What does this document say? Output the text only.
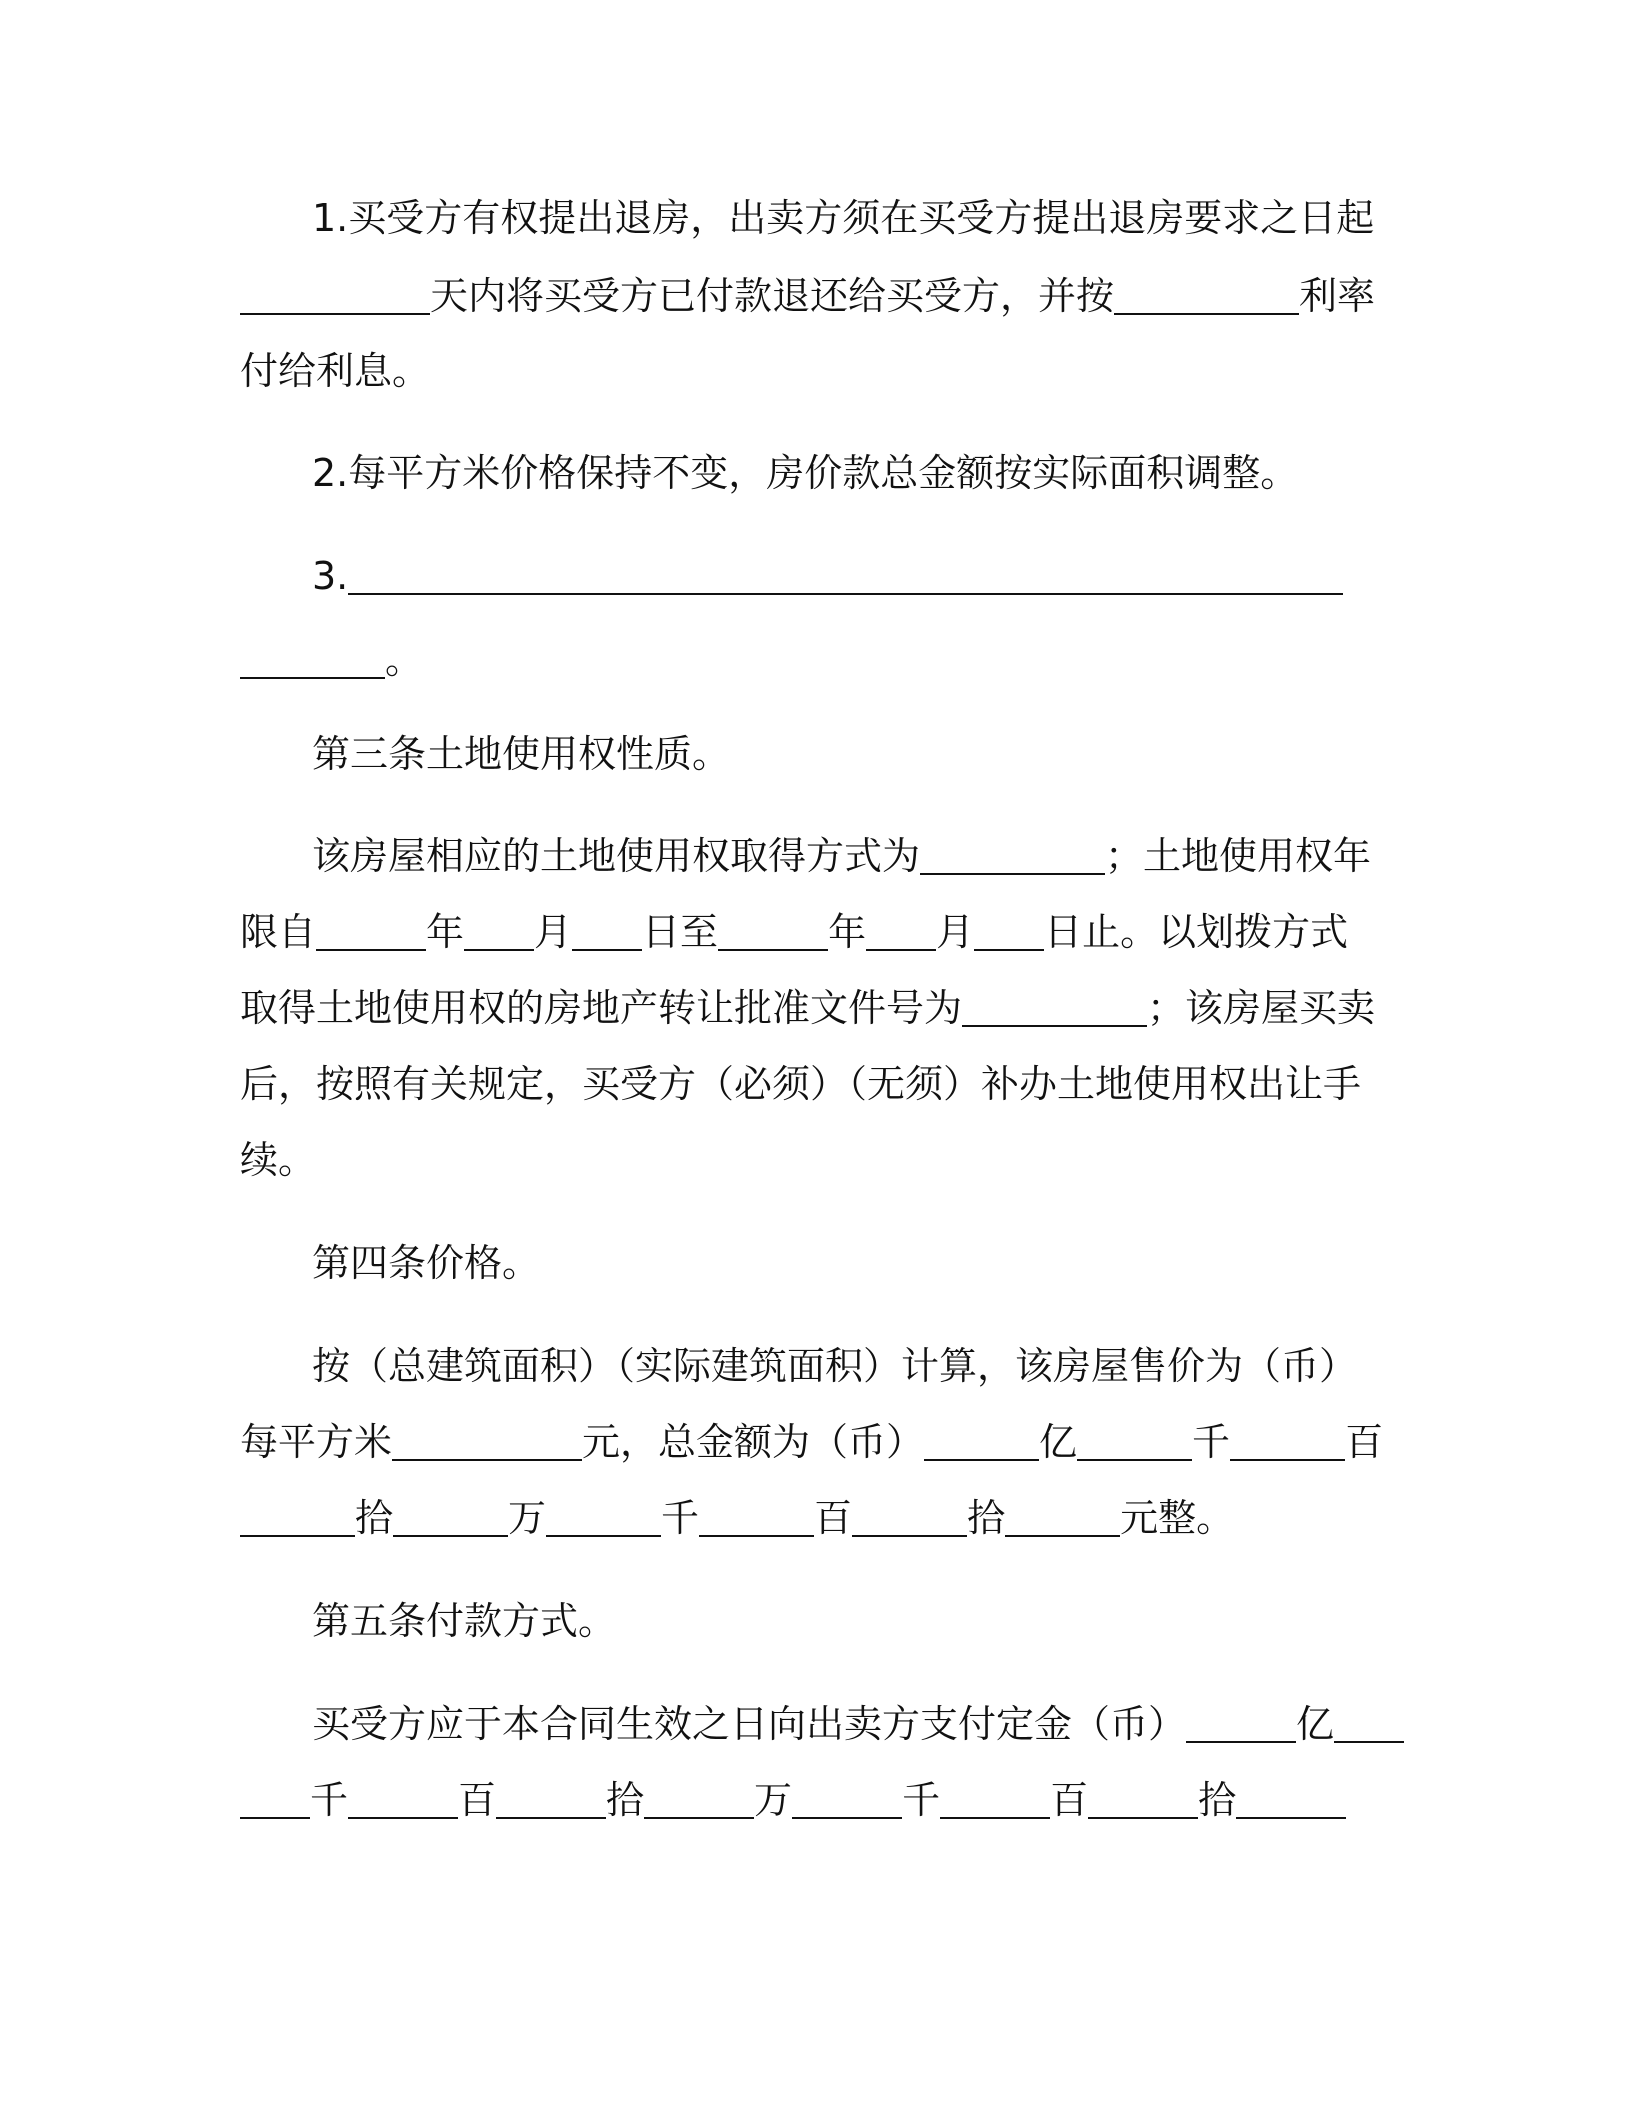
1.买受方有权提出退房，出卖方须在买受方提出退房要求之日起
天内将买受方已付款退还给买受方，并按	利率
付给利息。
2.每平方米价格保持不变，房价款总金额按实际面积调整。
3.
。
第三条土地使用权性质。
该房屋相应的土地使用权取得方式为	；土地使用权年
限自	年 月 日至	年 月 日止。以划拨方式
取得土地使用权的房地产转让批准文件号为	；该房屋买卖
后，按照有关规定，买受方（必须）（无须）补办土地使用权出让手
续。
第四条价格。
按（总建筑面积）（实际建筑面积）计算，该房屋售价为（币）
每平方米	元，总金额为（币）	亿	千	百
拾	万	千	百	拾	元整。
第五条付款方式。
买受方应于本合同生效之日向出卖方支付定金（币）	亿
千	百	拾	万	千	百	拾
